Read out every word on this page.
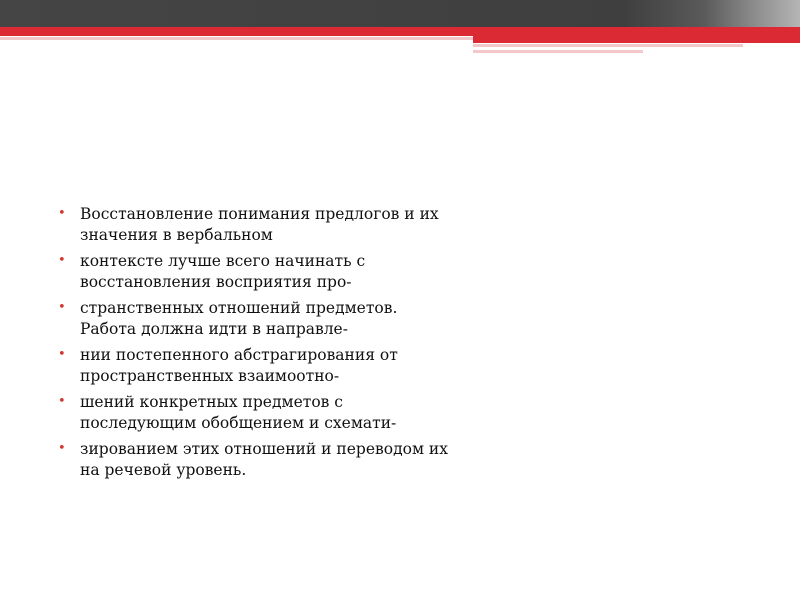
• Восстановление понимания предлогов и их значения в вербальном
• контексте лучше всего начинать с восстановления восприятия про-
• странственных отношений предметов. Работа должна идти в направле-
• нии постепенного абстрагирования от пространственных взаимоотно-
• шений конкретных предметов с последующим обобщением и схемати-
• зированием этих отношений и переводом их на речевой уровень.
